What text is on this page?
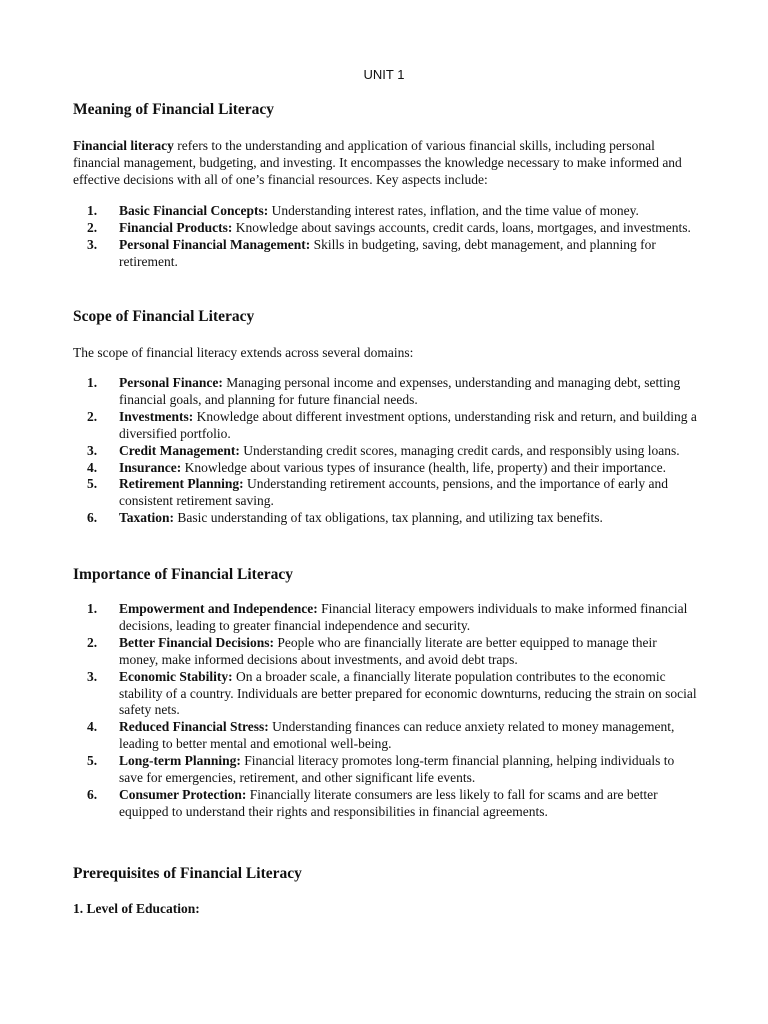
UNIT 1
Meaning of Financial Literacy

Financial literacy refers to the understanding and application of various financial skills, including personal financial management, budgeting, and investing. It encompasses the knowledge necessary to make informed and effective decisions with all of one’s financial resources. Key aspects include:

1. Basic Financial Concepts: Understanding interest rates, inflation, and the time value of money.
2. Financial Products: Knowledge about savings accounts, credit cards, loans, mortgages, and investments.
3. Personal Financial Management: Skills in budgeting, saving, debt management, and planning for retirement.
Scope of Financial Literacy

The scope of financial literacy extends across several domains:

1. Personal Finance: Managing personal income and expenses, understanding and managing debt, setting financial goals, and planning for future financial needs.
2. Investments: Knowledge about different investment options, understanding risk and return, and building a diversified portfolio.
3. Credit Management: Understanding credit scores, managing credit cards, and responsibly using loans.
4. Insurance: Knowledge about various types of insurance (health, life, property) and their importance.
5. Retirement Planning: Understanding retirement accounts, pensions, and the importance of early and consistent retirement saving.
6. Taxation: Basic understanding of tax obligations, tax planning, and utilizing tax benefits.
Importance of Financial Literacy
1. Empowerment and Independence: Financial literacy empowers individuals to make informed financial decisions, leading to greater financial independence and security.
2. Better Financial Decisions: People who are financially literate are better equipped to manage their money, make informed decisions about investments, and avoid debt traps.
3. Economic Stability: On a broader scale, a financially literate population contributes to the economic stability of a country. Individuals are better prepared for economic downturns, reducing the strain on social safety nets.
4. Reduced Financial Stress: Understanding finances can reduce anxiety related to money management, leading to better mental and emotional well-being.
5. Long-term Planning: Financial literacy promotes long-term financial planning, helping individuals to save for emergencies, retirement, and other significant life events.
6. Consumer Protection: Financially literate consumers are less likely to fall for scams and are better equipped to understand their rights and responsibilities in financial agreements.
Prerequisites of Financial Literacy
1. Level of Education:
